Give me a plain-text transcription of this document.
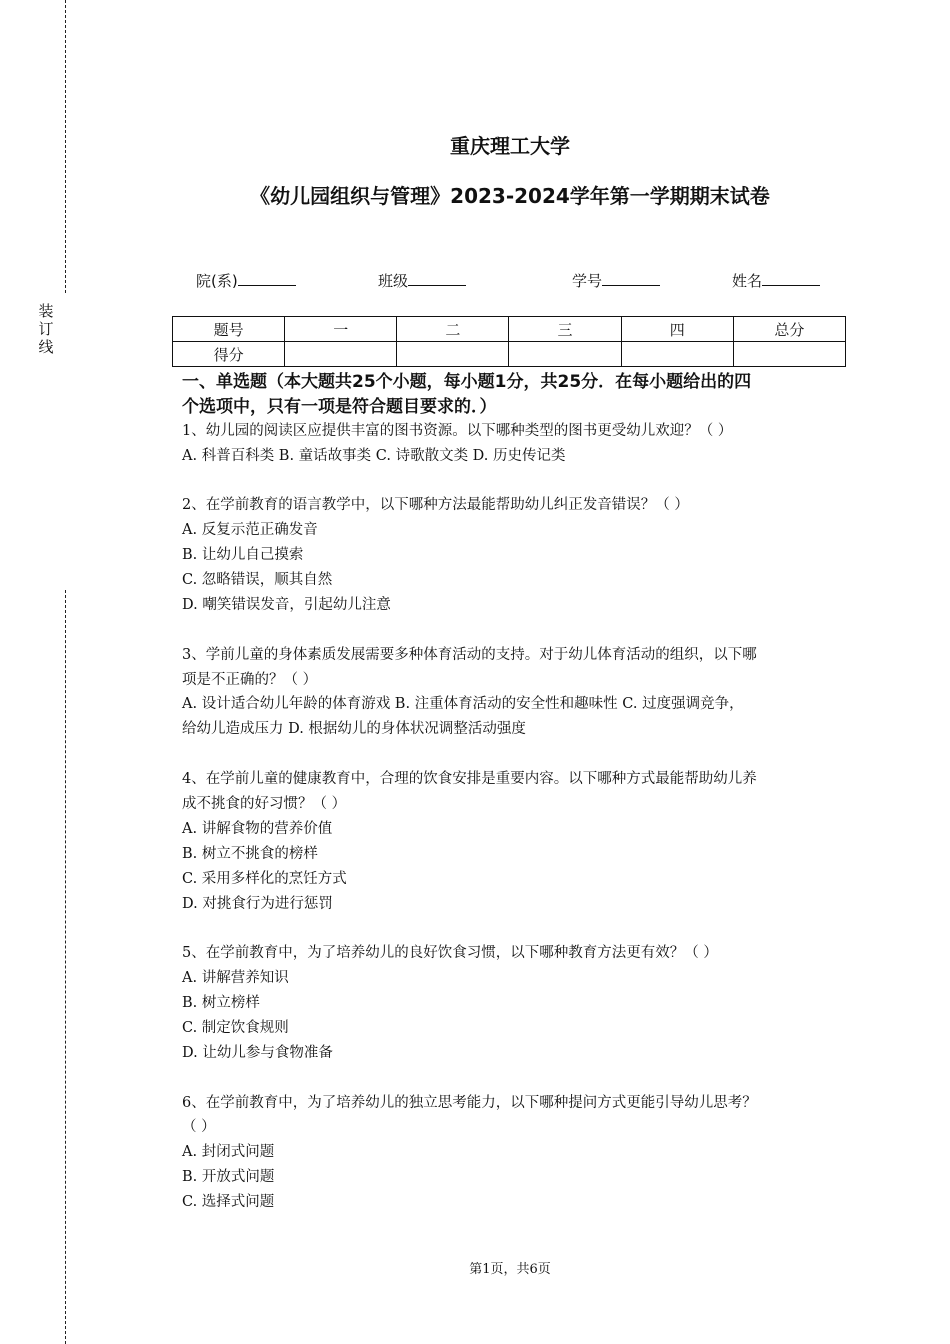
装
订
线
重庆理工大学
《幼儿园组织与管理》2023-2024学年第一学期期末试卷
院(系)	班级	学号	姓名
题号	一	二	三	四	总分
得分					
一、单选题（本大题共25个小题，每小题1分，共25分．在每小题给出的四
个选项中，只有一项是符合题目要求的．）
1、幼儿园的阅读区应提供丰富的图书资源。以下哪种类型的图书更受幼儿欢迎？（ ）
A. 科普百科类 B. 童话故事类 C. 诗歌散文类 D. 历史传记类
2、在学前教育的语言教学中，以下哪种方法最能帮助幼儿纠正发音错误？（ ）
A. 反复示范正确发音
B. 让幼儿自己摸索
C. 忽略错误，顺其自然
D. 嘲笑错误发音，引起幼儿注意
3、学前儿童的身体素质发展需要多种体育活动的支持。对于幼儿体育活动的组织，以下哪
项是不正确的？（ ）
A. 设计适合幼儿年龄的体育游戏 B. 注重体育活动的安全性和趣味性 C. 过度强调竞争，
给幼儿造成压力 D. 根据幼儿的身体状况调整活动强度
4、在学前儿童的健康教育中，合理的饮食安排是重要内容。以下哪种方式最能帮助幼儿养
成不挑食的好习惯？（ ）
A. 讲解食物的营养价值
B. 树立不挑食的榜样
C. 采用多样化的烹饪方式
D. 对挑食行为进行惩罚
5、在学前教育中，为了培养幼儿的良好饮食习惯，以下哪种教育方法更有效？（ ）
A. 讲解营养知识
B. 树立榜样
C. 制定饮食规则
D. 让幼儿参与食物准备
6、在学前教育中，为了培养幼儿的独立思考能力，以下哪种提问方式更能引导幼儿思考？
（ ）
A. 封闭式问题
B. 开放式问题
C. 选择式问题
第1页，共6页
